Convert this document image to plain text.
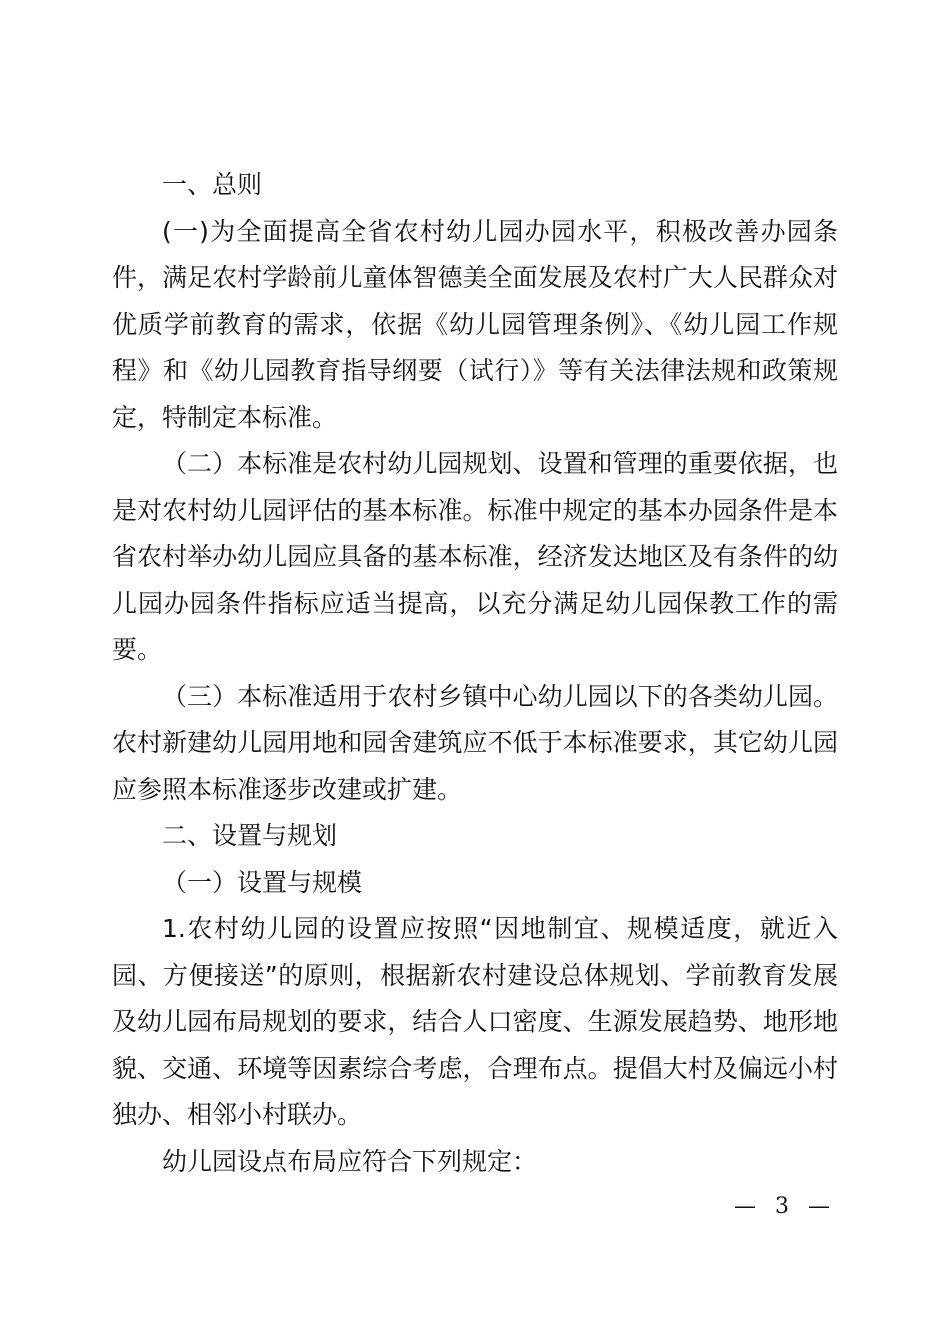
一、总则

(一)为全面提高全省农村幼儿园办园水平，积极改善办园条件，满足农村学龄前儿童体智德美全面发展及农村广大人民群众对优质学前教育的需求，依据《幼儿园管理条例》、《幼儿园工作规程》和《幼儿园教育指导纲要（试行）》等有关法律法规和政策规定，特制定本标准。

（二）本标准是农村幼儿园规划、设置和管理的重要依据，也是对农村幼儿园评估的基本标准。标准中规定的基本办园条件是本省农村举办幼儿园应具备的基本标准，经济发达地区及有条件的幼儿园办园条件指标应适当提高，以充分满足幼儿园保教工作的需要。

（三）本标准适用于农村乡镇中心幼儿园以下的各类幼儿园。农村新建幼儿园用地和园舍建筑应不低于本标准要求，其它幼儿园应参照本标准逐步改建或扩建。

二、设置与规划

（一）设置与规模

1.农村幼儿园的设置应按照“因地制宜、规模适度，就近入园、方便接送”的原则，根据新农村建设总体规划、学前教育发展及幼儿园布局规划的要求，结合人口密度、生源发展趋势、地形地貌、交通、环境等因素综合考虑，合理布点。提倡大村及偏远小村独办、相邻小村联办。

幼儿园设点布局应符合下列规定：

— 3 —
